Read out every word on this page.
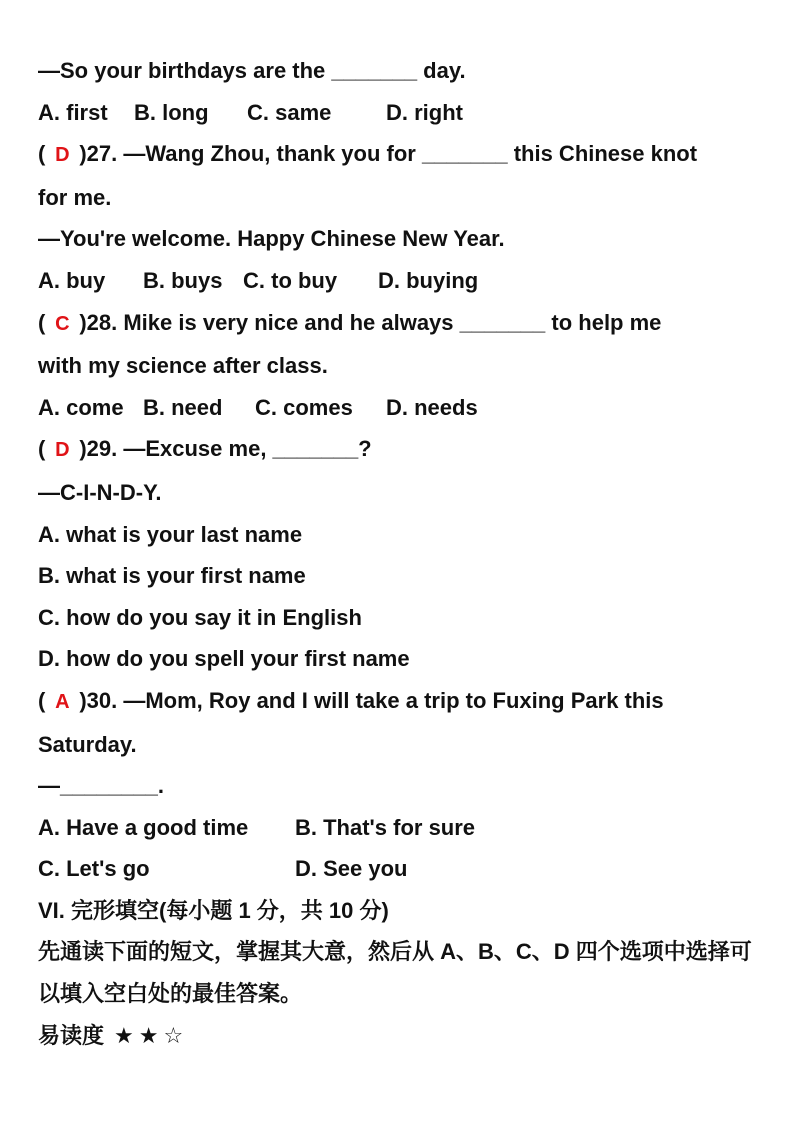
—So your birthdays are the _______ day.
A. first	B. long	C. same	D. right
( D )27. —Wang Zhou, thank you for _______ this Chinese knot
for me.
—You're welcome. Happy Chinese New Year.
A. buy	B. buys C. to buy	D. buying
( C )28. Mike is very nice and he always _______ to help me
with my science after class.
A. come B. need	C. comes	D. needs
( D )29. —Excuse me, _______?
—C-I-N-D-Y.
A. what is your last name
B. what is your first name
C. how do you say it in English
D. how do you spell your first name
( A )30. —Mom, Roy and I will take a trip to Fuxing Park this
Saturday.
—________.
A. Have a good time	B. That's for sure
C. Let's go	D. See you
VI. 完形填空(每小题 1 分，共 10 分)
先通读下面的短文，掌握其大意，然后从 A、B、C、D 四个选项中选择可
以填入空白处的最佳答案。
易读度 ★★☆
